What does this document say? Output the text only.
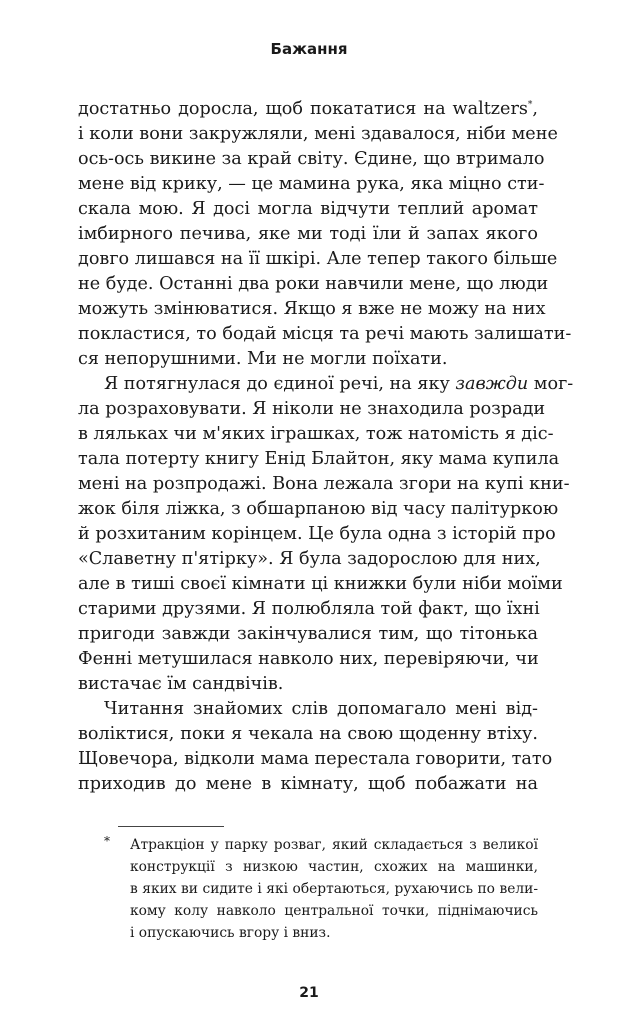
Бажання
достатньо доросла, щоб покататися на waltzers*,
і коли вони закружляли, мені здавалося, ніби мене
ось-ось викине за край світу. Єдине, що втримало
мене від крику, — це мамина рука, яка міцно сти-
скала мою. Я досі могла відчути теплий аромат
імбирного печива, яке ми тоді їли й запах якого
довго лишався на її шкірі. Але тепер такого більше
не буде. Останні два роки навчили мене, що люди
можуть змінюватися. Якщо я вже не можу на них
покластися, то бодай місця та речі мають залишати-
ся непорушними. Ми не могли поїхати.
Я потягнулася до єдиної речі, на яку завжди мог-
ла розраховувати. Я ніколи не знаходила розради
в ляльках чи м'яких іграшках, тож натомість я діс-
тала потерту книгу Енід Блайтон, яку мама купила
мені на розпродажі. Вона лежала згори на купі кни-
жок біля ліжка, з обшарпаною від часу палітуркою
й розхитаним корінцем. Це була одна з історій про
«Славетну п'ятірку». Я була задорослою для них,
але в тиші своєї кімнати ці книжки були ніби моїми
старими друзями. Я полюбляла той факт, що їхні
пригоди завжди закінчувалися тим, що тітонька
Фенні метушилася навколо них, перевіряючи, чи
вистачає їм сандвічів.
Читання знайомих слів допомагало мені від-
волiктися, поки я чекала на свою щоденну втіху.
Щовечора, відколи мама перестала говорити, тато
приходив до мене в кімнату, щоб побажати на
* Атракціон у парку розваг, який складається з великої
конструкції з низкою частин, схожих на машинки,
в яких ви сидите і які обертаються, рухаючись по вели-
кому колу навколо центральної точки, піднімаючись
і опускаючись вгору і вниз.
21
